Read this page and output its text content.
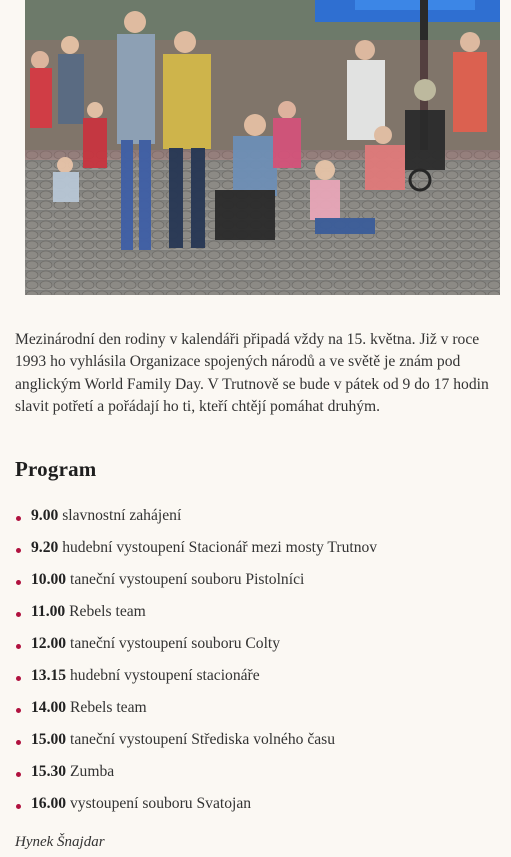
Mezinárodní den rodiny v kalendáři připadá vždy na 15. května. Již v roce 1993 ho vyhlásila Organizace spojených národů a ve světě je znám pod anglickým World Family Day. V Trutnově se bude v pátek od 9 do 17 hodin slavit potřetí a pořádají ho ti, kteří chtějí pomáhat druhým.

Program
9.00 slavnostní zahájení
9.20 hudební vystoupení Stacionář mezi mosty Trutnov
10.00 taneční vystoupení souboru Pistolníci
11.00 Rebels team
12.00 taneční vystoupení souboru Colty
13.15 hudební vystoupení stacionáře
14.00 Rebels team
15.00 taneční vystoupení Střediska volného času
15.30 Zumba
16.00 vystoupení souboru Svatojan

Hynek Šnajdar
